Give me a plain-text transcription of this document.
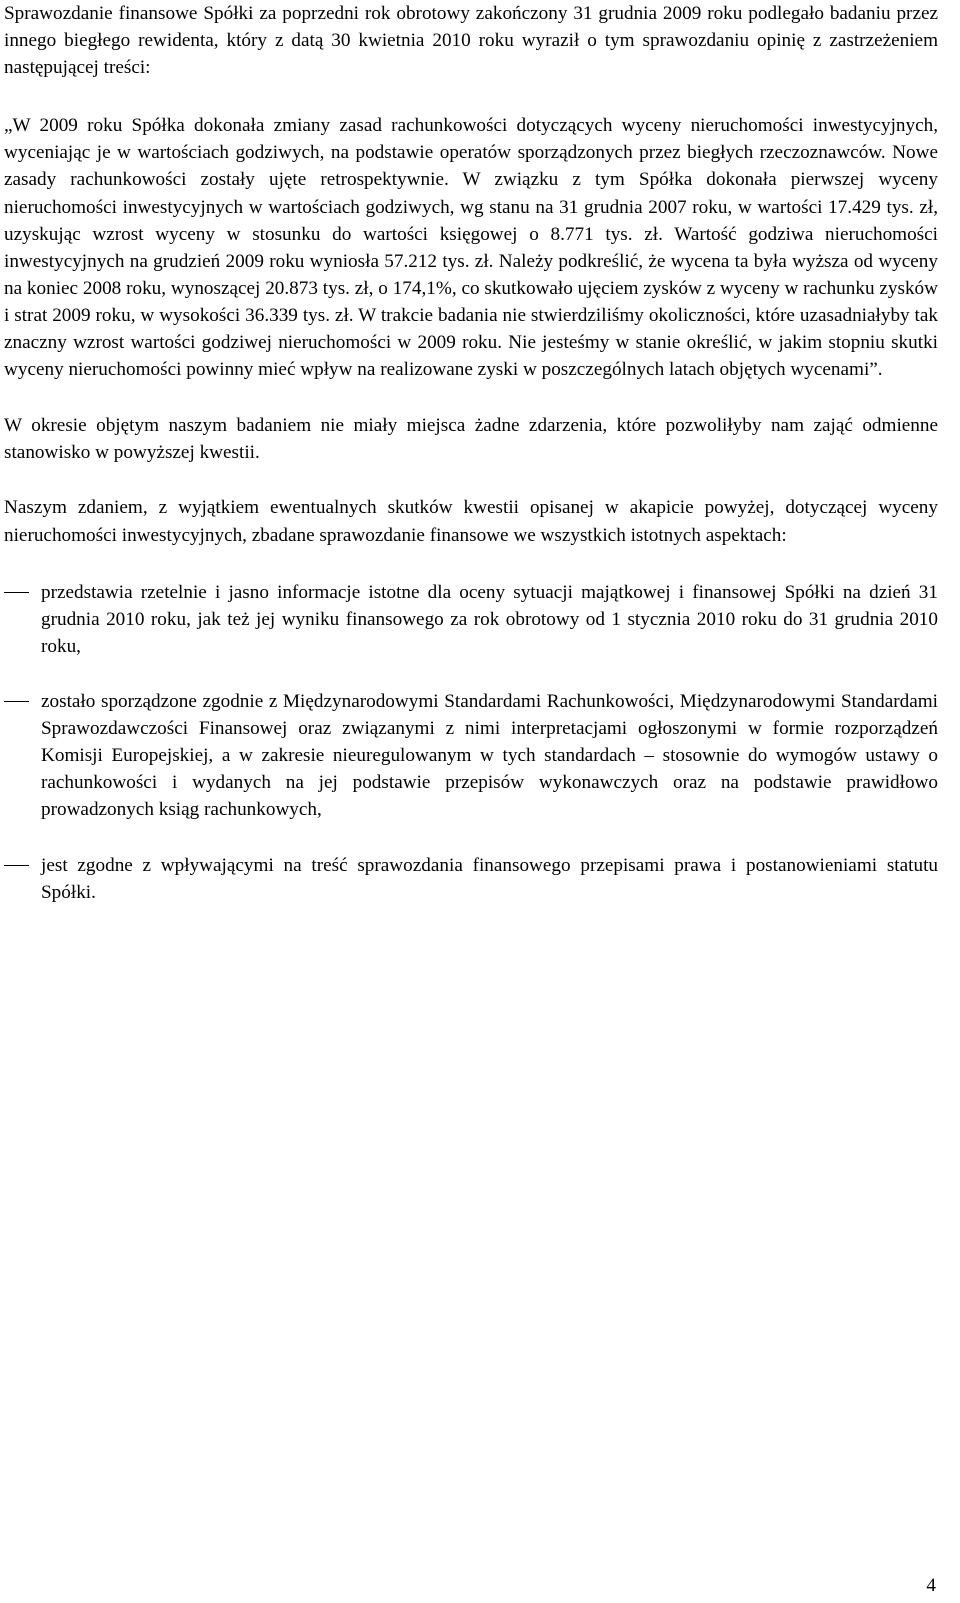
Sprawozdanie finansowe Spółki za poprzedni rok obrotowy zakończony 31 grudnia 2009 roku podlegało badaniu przez innego biegłego rewidenta, który z datą 30 kwietnia 2010 roku wyraził o tym sprawozdaniu opinię z zastrzeżeniem następującej treści:

„W 2009 roku Spółka dokonała zmiany zasad rachunkowości dotyczących wyceny nieruchomości inwestycyjnych, wyceniając je w wartościach godziwych, na podstawie operatów sporządzonych przez biegłych rzeczoznawców. Nowe zasady rachunkowości zostały ujęte retrospektywnie. W związku z tym Spółka dokonała pierwszej wyceny nieruchomości inwestycyjnych w wartościach godziwych, wg stanu na 31 grudnia 2007 roku, w wartości 17.429 tys. zł, uzyskując wzrost wyceny w stosunku do wartości księgowej o 8.771 tys. zł. Wartość godziwa nieruchomości inwestycyjnych na grudzień 2009 roku wyniosła 57.212 tys. zł. Należy podkreślić, że wycena ta była wyższa od wyceny na koniec 2008 roku, wynoszącej 20.873 tys. zł, o 174,1%, co skutkowało ujęciem zysków z wyceny w rachunku zysków i strat 2009 roku, w wysokości 36.339 tys. zł. W trakcie badania nie stwierdziliśmy okoliczności, które uzasadniałyby tak znaczny wzrost wartości godziwej nieruchomości w 2009 roku. Nie jesteśmy w stanie określić, w jakim stopniu skutki wyceny nieruchomości powinny mieć wpływ na realizowane zyski w poszczególnych latach objętych wycenami”.

W okresie objętym naszym badaniem nie miały miejsca żadne zdarzenia, które pozwoliłyby nam zająć odmienne stanowisko w powyższej kwestii.

Naszym zdaniem, z wyjątkiem ewentualnych skutków kwestii opisanej w akapicie powyżej, dotyczącej wyceny nieruchomości inwestycyjnych, zbadane sprawozdanie finansowe we wszystkich istotnych aspektach:

przedstawia rzetelnie i jasno informacje istotne dla oceny sytuacji majątkowej i finansowej Spółki na dzień 31 grudnia 2010 roku, jak też jej wyniku finansowego za rok obrotowy od 1 stycznia 2010 roku do 31 grudnia 2010 roku,
zostało sporządzone zgodnie z Międzynarodowymi Standardami Rachunkowości, Międzynarodowymi Standardami Sprawozdawczości Finansowej oraz związanymi z nimi interpretacjami ogłoszonymi w formie rozporządzeń Komisji Europejskiej, a w zakresie nieuregulowanym w tych standardach – stosownie do wymogów ustawy o rachunkowości i wydanych na jej podstawie przepisów wykonawczych oraz na podstawie prawidłowo prowadzonych ksiąg rachunkowych,
jest zgodne z wpływającymi na treść sprawozdania finansowego przepisami prawa i postanowieniami statutu Spółki.
4
